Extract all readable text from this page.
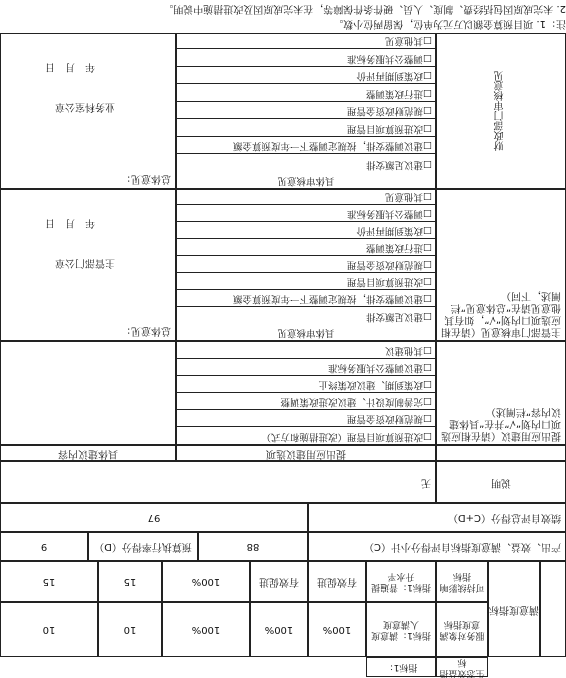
满意度指标
服务对象满意度指标
指标1：满意度人满意度
100%
100%
100%
10
10
可持续影响指标
指标1：普遍提升水平
有效促进
有效促进
100%
15
15
生态效益指标
指标1：
产出、效益、满意度指标自评得分小计（C）
88
预算执行率得分（D）
9
绩效自评总得分（C+D）
97
说明
无
提出应用建议选项
具体建议内容
提出应用建议（请在相应选项口内划“√”并在“具体建议内容”栏阐述）
□改进预算项目管理（改进措施和方式）
□规范财政资金管理
□完善制度设计、建议改进政策调整
□政策到期、建议政策终止
□建议调整公共服务标准
□其他建议
主管部门审核意见（请在相应选项口内划“√”，如有其他意见请在“总体意见”栏阐述，下同）
具体审核意见
□建议足额安排
□建议调整安排，按规定调整下一年度预算金额
□改进预算项目管理
□规范财政资金管理
□进行政策调整
□政策到期再评价
□调整公共服务标准
□其他意见
总体意见：
主管部门公章
年　月　日
财政部门审核意见
具体审核意见
□建议足额安排
□建议调整安排，按规定调整下一年度预算金额
□改进预算项目管理
□规范财政资金管理
□进行政策调整
□政策到期再评价
□调整公共服务标准
□其他意见
总体意见：
业务科室公章
年　月　日
注：1. 项目预算金额以万元为单位，保留两位小数。
2. 未完成原因包括经费、制度、人员、硬件条件保障等，在未完成原因及改进措施中说明。
